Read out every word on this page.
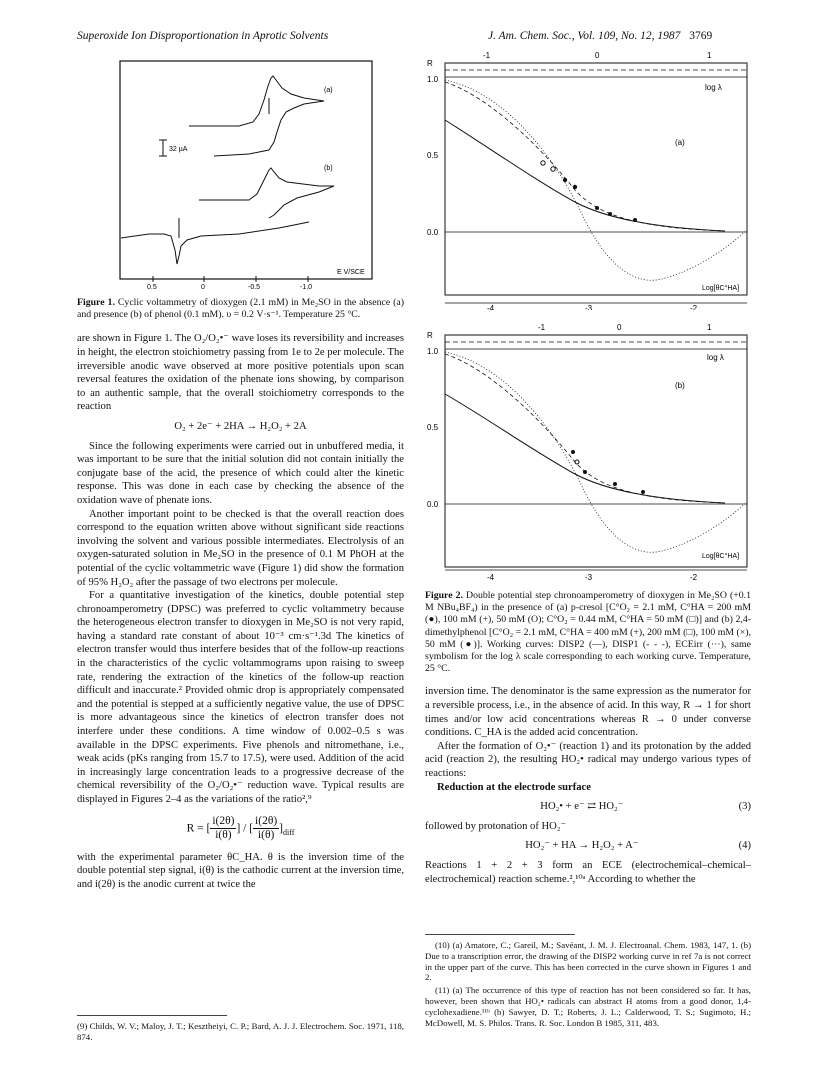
Superoxide Ion Disproportionation in Aprotic Solvents	J. Am. Chem. Soc., Vol. 109, No. 12, 1987 3769
32 µA
(a)
(b)
E V/SCE
0.5	0	-0.5	-1.0

Figure 1. Cyclic voltammetry of dioxygen (2.1 mM) in Me₂SO in the absence (a) and presence (b) of phenol (0.1 mM). υ = 0.2 V·s⁻¹. Temperature 25 °C.

are shown in Figure 1. The O₂/O₂•⁻ wave loses its reversibility and increases in height, the electron stoichiometry passing from 1e to 2e per molecule. The irreversible anodic wave observed at more positive potentials upon scan reversal features the oxidation of the phenate ions showing, by comparison to an authentic sample, that the overall stoichiometry corresponds to the reaction

O₂ + 2e⁻ + 2HA → H₂O₂ + 2A

Since the following experiments were carried out in unbuffered media, it was important to be sure that the initial solution did not contain initially the conjugate base of the acid, the presence of which could alter the kinetic response. This was done in each case by checking the absence of the oxidation wave of phenate ions.

Another important point to be checked is that the overall reaction does correspond to the equation written above without significant side reactions involving the solvent and various possible intermediates. Electrolysis of an oxygen-saturated solution in Me₂SO in the presence of 0.1 M PhOH at the potential of the cyclic voltammetric wave (Figure 1) did show the formation of 95% H₂O₂ after the passage of two electrons per molecule.

For a quantitative investigation of the kinetics, double potential step chronoamperometry (DPSC) was preferred to cyclic voltammetry because the heterogeneous electron transfer to dioxygen in Me₂SO is not very rapid, having a standard rate constant of about 10⁻³ cm·s⁻¹.3d The kinetics of electron transfer would thus interfere besides that of the follow-up reactions in the characteristics of the cyclic voltammograms upon raising to sweep rate, rendering the extraction of the kinetics of the follow-up reaction difficult and inaccurate.² Provided ohmic drop is appropriately compensated and the potential is stepped at a sufficiently negative value, the use of DPSC is more advantageous since the kinetics of electron transfer does not interfere under these conditions. A time window of 0.002–0.5 s was available in the DPSC experiments. Five phenols and nitromethane, i.e., weak acids (pKs ranging from 15.7 to 17.5), were used. Addition of the acid in increasingly large concentration leads to a progressive decrease of the chemical reversibility of the O₂/O₂•⁻ reduction wave. Typical results are displayed in Figures 2–4 as the variations of the ratio²,⁹

R = [ $\frac{i(2\theta)}{i(\theta)}$ ] / [ $\frac{i(2\theta)}{i(\theta)} ]_{diff}$

with the experimental parameter θC_HA. θ is the inversion time of the double potential step signal, i(θ) is the cathodic current at the inversion time, and i(2θ) is the anodic current at twice the

(9) Childs, W. V.; Maloy, J. T.; Kesztheiyi, C. P.; Bard, A. J. J. Electrochem. Soc. 1971, 118, 874.

-1	0	1
R
log λ
1.0
0.5
0.0
(a)
Log[θC°HA]
-4	-3	-2
-1	0	1
R
log λ
1.0
0.5
0.0
(b)
Log[θC°HA]
-4	-3	-2

Figure 2. Double potential step chronoamperometry of dioxygen in Me₂SO (+0.1 M NBu₄BF₄) in the presence of (a) p-cresol [C°O₂ = 2.1 mM, C°HA = 200 mM (●), 100 mM (+), 50 mM (O); C°O₂ = 0.44 mM, C°HA = 50 mM (□)] and (b) 2,4-dimethylphenol [C°O₂ = 2.1 mM, C°HA = 400 mM (+), 200 mM (□), 100 mM (×), 50 mM (●)]. Working curves: DISP2 (—), DISP1 (- - -), ECEirr (···), same symbolism for the log λ scale corresponding to each working curve. Temperature, 25 °C.

inversion time. The denominator is the same expression as the numerator for a reversible process, i.e., in the absence of acid. In this way, R → 1 for short times and/or low acid concentrations whereas R → 0 under converse conditions. C_HA is the added acid concentration.

After the formation of O₂•⁻ (reaction 1) and its protonation by the added acid (reaction 2), the resulting HO₂• radical may undergo various types of reactions:

Reduction at the electrode surface

(3)
HO₂• + e⁻ ⇄ HO₂⁻

followed by protonation of HO₂⁻

(4)
HO₂⁻ + HA → H₂O₂ + A⁻

Reactions 1 + 2 + 3 form an ECE (electrochemical–chemical–electrochemical) reaction scheme.²,¹⁰ᵃ According to whether the

(10) (a) Amatore, C.; Gareil, M.; Savéant, J. M. J. Electroanal. Chem. 1983, 147, 1. (b) Due to a transcription error, the drawing of the DISP2 working curve in ref 7a is not correct in the upper part of the curve. This has been corrected in the curve shown in Figures 1 and 2.

(11) (a) The occurrence of this type of reaction has not been considered so far. It has, however, been shown that HO₂• radicals can abstract H atoms from a good donor, 1,4-cyclohexadiene.¹¹ᵇ (b) Sawyer, D. T.; Roberts, J. L.; Calderwood, T. S.; Sugimoto, H.; McDowell, M. S. Philos. Trans. R. Soc. London B 1985, 311, 483.
